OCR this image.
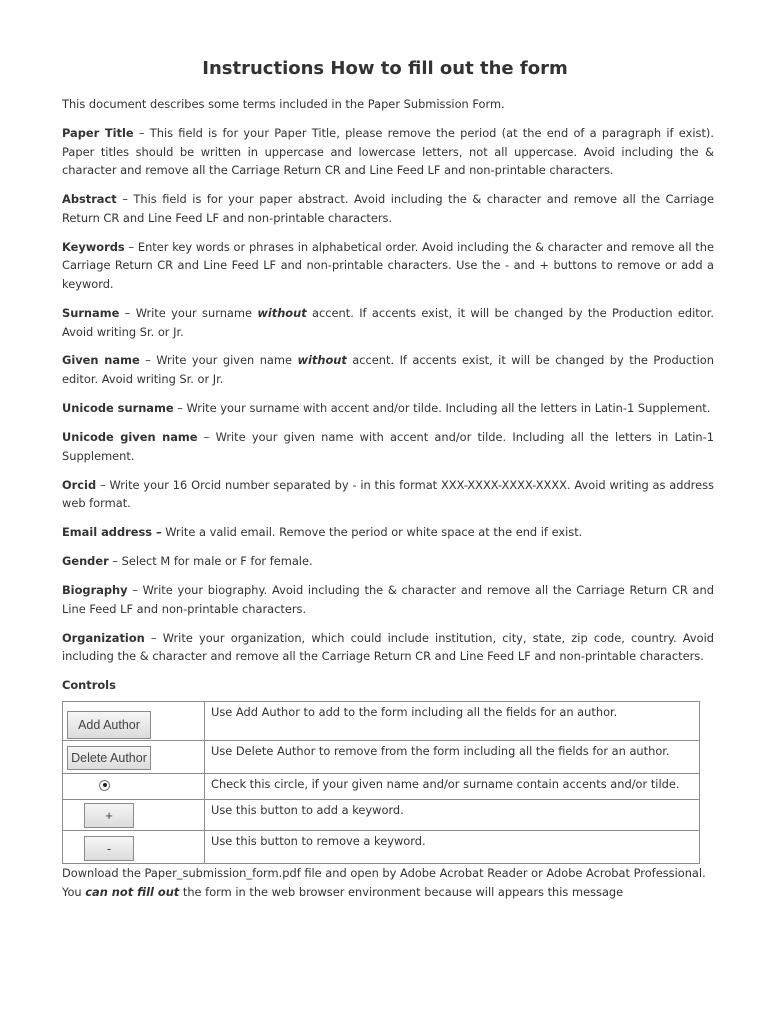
Instructions How to fill out the form

This document describes some terms included in the Paper Submission Form.

Paper Title – This field is for your Paper Title, please remove the period (at the end of a paragraph if exist). Paper titles should be written in uppercase and lowercase letters, not all uppercase. Avoid including the & character and remove all the Carriage Return CR and Line Feed LF and non-printable characters.

Abstract – This field is for your paper abstract. Avoid including the & character and remove all the Carriage Return CR and Line Feed LF and non-printable characters.

Keywords – Enter key words or phrases in alphabetical order. Avoid including the & character and remove all the Carriage Return CR and Line Feed LF and non-printable characters. Use the - and + buttons to remove or add a keyword.

Surname – Write your surname without accent. If accents exist, it will be changed by the Production editor. Avoid writing Sr. or Jr.

Given name – Write your given name without accent. If accents exist, it will be changed by the Production editor. Avoid writing Sr. or Jr.

Unicode surname – Write your surname with accent and/or tilde. Including all the letters in Latin-1 Supplement.

Unicode given name – Write your given name with accent and/or tilde. Including all the letters in Latin-1 Supplement.

Orcid – Write your 16 Orcid number separated by - in this format XXX-XXXX-XXXX-XXXX. Avoid writing as address web format.

Email address – Write a valid email. Remove the period or white space at the end if exist.

Gender – Select M for male or F for female.

Biography – Write your biography. Avoid including the & character and remove all the Carriage Return CR and Line Feed LF and non-printable characters.

Organization – Write your organization, which could include institution, city, state, zip code, country. Avoid including the & character and remove all the Carriage Return CR and Line Feed LF and non-printable characters.

Controls

Add Author	Use Add Author to add to the form including all the fields for an author.

Delete Author	Use Delete Author to remove from the form including all the fields for an author.

	Check this circle, if your given name and/or surname contain accents and/or tilde.

+	Use this button to add a keyword.

-	Use this button to remove a keyword.

Download the Paper_submission_form.pdf file and open by Adobe Acrobat Reader or Adobe Acrobat Professional. You can not fill out the form in the web browser environment because will appears this message
